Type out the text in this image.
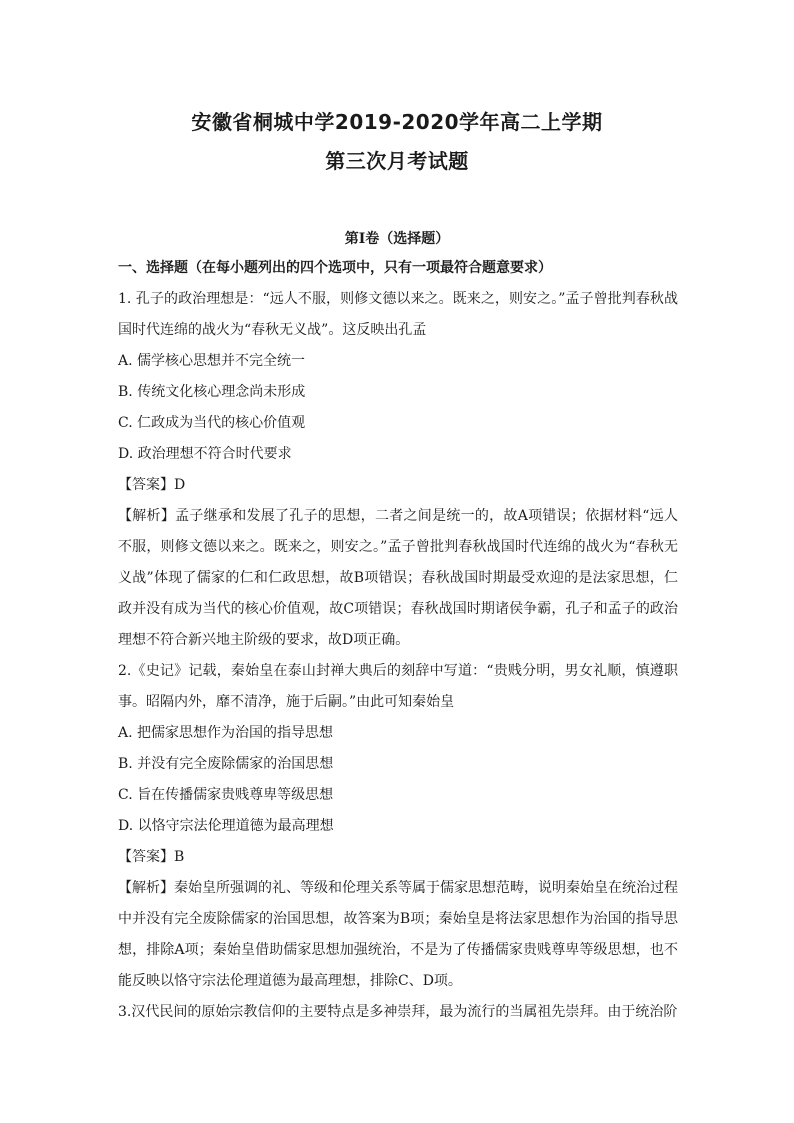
安徽省桐城中学2019-2020学年高二上学期
第三次月考试题
第I卷（选择题）

一、选择题（在每小题列出的四个选项中，只有一项最符合题意要求）

1. 孔子的政治理想是：“远人不服，则修文德以来之。既来之，则安之。”孟子曾批判春秋战国时代连绵的战火为“春秋无义战”。这反映出孔孟

A. 儒学核心思想并不完全统一

B. 传统文化核心理念尚未形成

C. 仁政成为当代的核心价值观

D. 政治理想不符合时代要求

【答案】D

【解析】孟子继承和发展了孔子的思想，二者之间是统一的，故A项错误；依据材料“远人不服，则修文德以来之。既来之，则安之。”孟子曾批判春秋战国时代连绵的战火为“春秋无义战”体现了儒家的仁和仁政思想，故B项错误；春秋战国时期最受欢迎的是法家思想，仁政并没有成为当代的核心价值观，故C项错误；春秋战国时期诸侯争霸，孔子和孟子的政治理想不符合新兴地主阶级的要求，故D项正确。

2.《史记》记载，秦始皇在泰山封禅大典后的刻辞中写道：“贵贱分明，男女礼顺，慎遵职事。昭隔内外，靡不清净，施于后嗣。”由此可知秦始皇

A. 把儒家思想作为治国的指导思想

B. 并没有完全废除儒家的治国思想

C. 旨在传播儒家贵贱尊卑等级思想

D. 以恪守宗法伦理道德为最高理想

【答案】B

【解析】秦始皇所强调的礼、等级和伦理关系等属于儒家思想范畴，说明秦始皇在统治过程中并没有完全废除儒家的治国思想，故答案为B项；秦始皇是将法家思想作为治国的指导思想，排除A项；秦始皇借助儒家思想加强统治，不是为了传播儒家贵贱尊卑等级思想，也不能反映以恪守宗法伦理道德为最高理想，排除C、D项。

3.汉代民间的原始宗教信仰的主要特点是多神崇拜，最为流行的当属祖先崇拜。由于统治阶
